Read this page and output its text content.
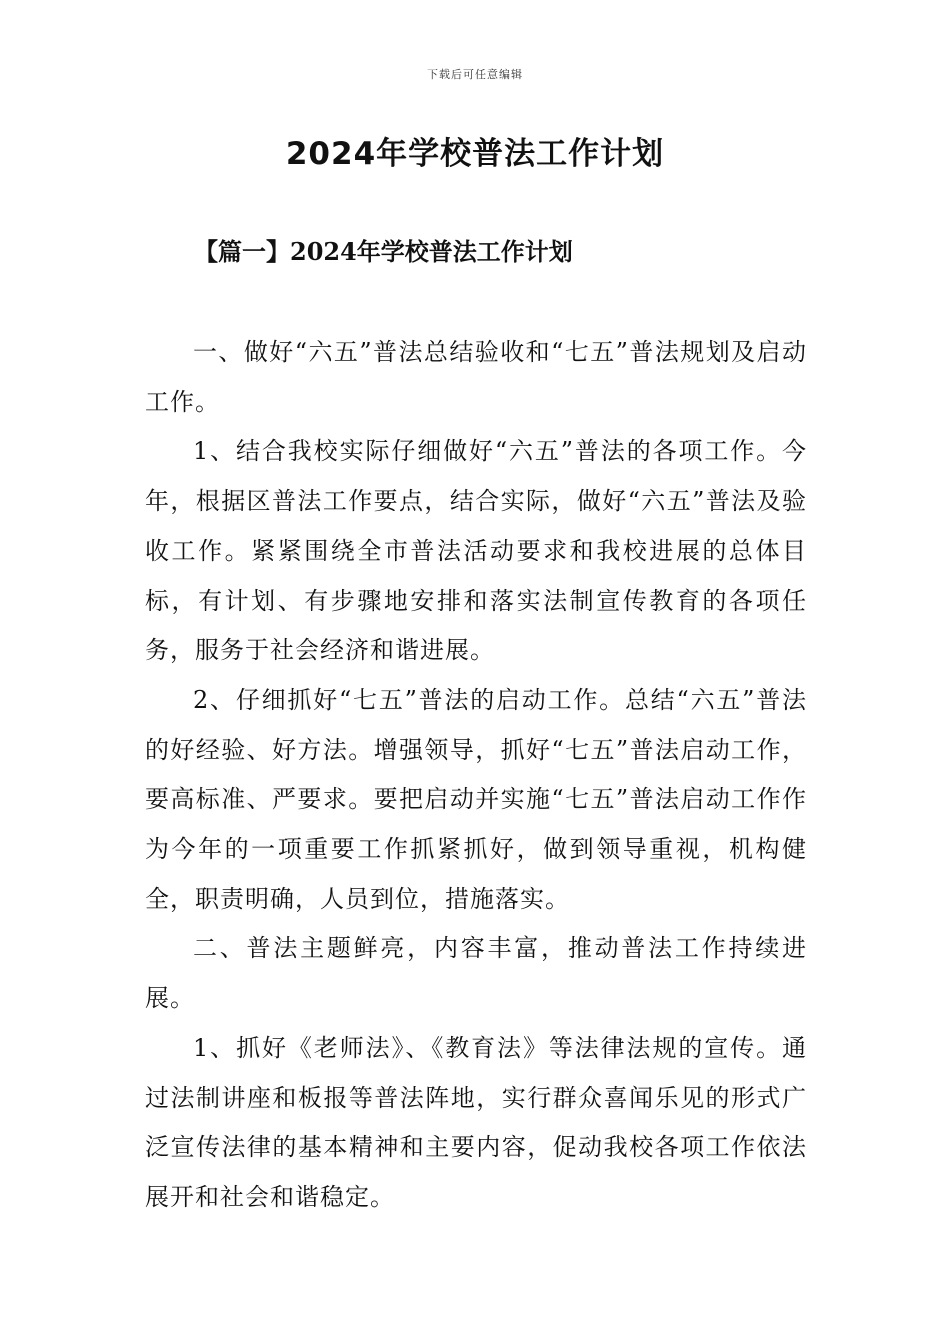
下载后可任意编辑
2024年学校普法工作计划
【篇一】2024年学校普法工作计划

一、做好“六五”普法总结验收和“七五”普法规划及启动工作。

1、结合我校实际仔细做好“六五”普法的各项工作。今年，根据区普法工作要点，结合实际，做好“六五”普法及验收工作。紧紧围绕全市普法活动要求和我校进展的总体目标，有计划、有步骤地安排和落实法制宣传教育的各项任务，服务于社会经济和谐进展。

2、仔细抓好“七五”普法的启动工作。总结“六五”普法的好经验、好方法。增强领导，抓好“七五”普法启动工作，要高标准、严要求。要把启动并实施“七五”普法启动工作作为今年的一项重要工作抓紧抓好，做到领导重视，机构健全，职责明确，人员到位，措施落实。

二、普法主题鲜亮，内容丰富，推动普法工作持续进展。

1、抓好《老师法》、《教育法》等法律法规的宣传。通过法制讲座和板报等普法阵地，实行群众喜闻乐见的形式广泛宣传法律的基本精神和主要内容，促动我校各项工作依法展开和社会和谐稳定。
